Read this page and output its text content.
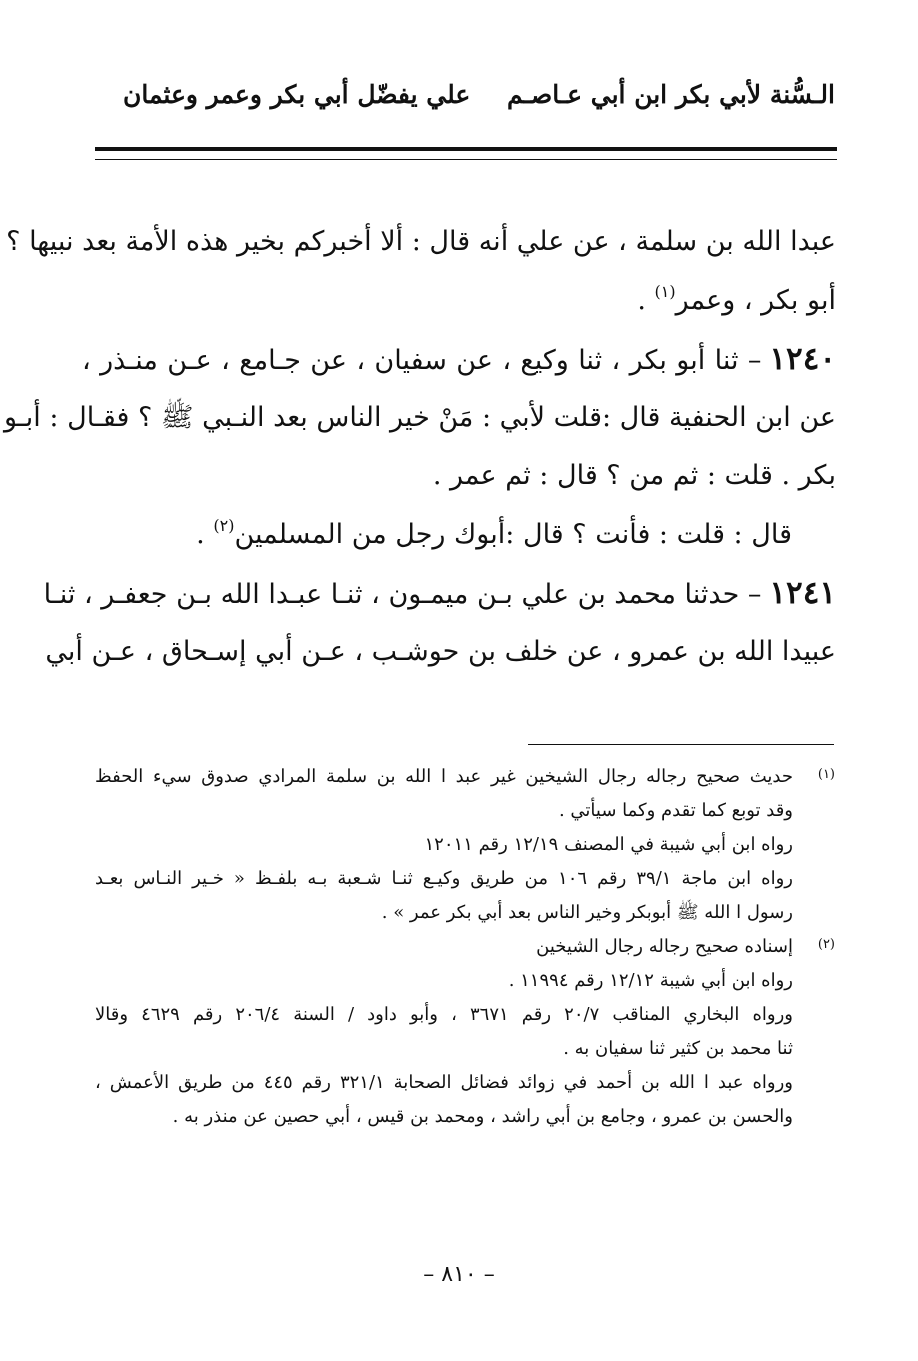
الـسُّنة لأبي بكر ابن أبي عـاصـم
علي يفضّل أبي بكر وعمر وعثمان
عبدا الله بن سلمة ، عن علي أنه قال : ألا أخبركم بخير هذه الأمة بعد نبيها ؟
أبو بكر ، وعمر$^{(١)}$ .
١٢٤٠– ثنا أبو بكر ، ثنا وكيع ، عن سفيان ، عن جـامع ، عـن منـذر ،
عن ابن الحنفية قال :قلت لأبي : مَنْ خير الناس بعد النـبي ﷺ ؟ فقـال : أبـو
بكر . قلت : ثم من ؟ قال : ثم عمر .
قال : قلت : فأنت ؟ قال :أبوك رجل من المسلمين$^{(٢)}$ .
١٢٤١– حدثنا محمد بن علي بـن ميمـون ، ثنـا عبـدا الله بـن جعفـر ، ثنـا
عبيدا الله بن عمرو ، عن خلف بن حوشـب ، عـن أبي إسـحاق ، عـن أبي
(١)
حديث صحيح رجاله رجال الشيخين غير عبد ا الله بن سلمة المرادي صدوق سيء الحفظ
وقد توبع كما تقدم وكما سيأتي .
رواه ابن أبي شيبة في المصنف ١٢/١٩ رقم ١٢٠١١
رواه ابن ماجة ٣٩/١ رقم ١٠٦ من طريق وكيـع ثنـا شـعبة بـه بلفـظ « خـير النـاس بعـد
رسول ا الله ﷺ أبوبكر وخير الناس بعد أبي بكر عمر » .
(٢)
إسناده صحيح رجاله رجال الشيخين
رواه ابن أبي شيبة ١٢/١٢ رقم ١١٩٩٤ .
ورواه البخاري المناقب ٢٠/٧ رقم ٣٦٧١ ، وأبو داود / السنة ٢٠٦/٤ رقم ٤٦٢٩ وقالا
ثنا محمد بن كثير ثنا سفيان به .
ورواه عبد ا الله بن أحمد في زوائد فضائل الصحابة ٣٢١/١ رقم ٤٤٥ من طريق الأعمش ،
والحسن بن عمرو ، وجامع بن أبي راشد ، ومحمد بن قيس ، أبي حصين عن منذر به .
– ٨١٠ –
